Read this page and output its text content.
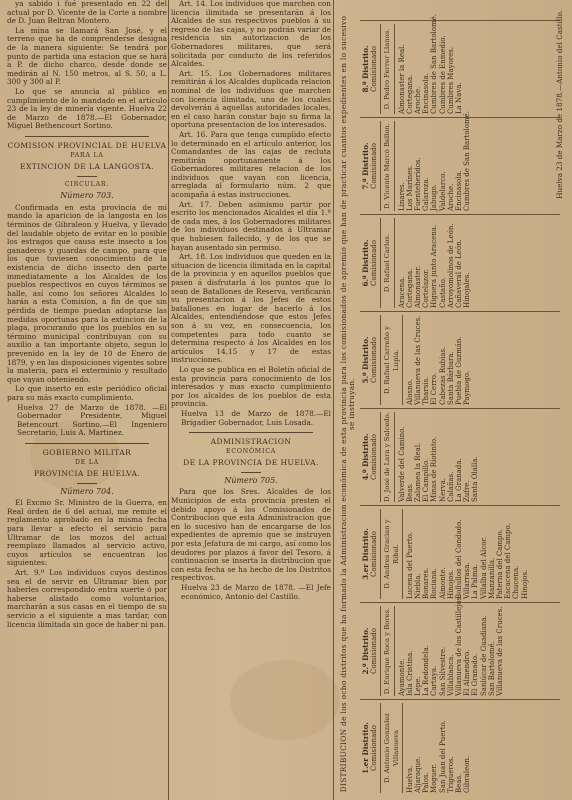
ya sabido i fué presentado en 22 del actual por D. Vicente de la Corte a nombre de D. Juan Beltran Montero.

La mina se llamará San José, y el terreno que ha de comprenderse designa de la manera siguiente: Se tendrá por punto de partida una estacion que se hará a P. de dicho charco, desde donde se medirán al N. 150 metros, al S. 50, a L. 300 y 300 al P.

Lo que se anuncia al público en cumplimiento de lo mandado en el artículo 23 de la ley de minería vigente. Huelva 22 de Marzo de 1878.—El Gobernador, Miguel Bethencourt Sortino.

COMISION PROVINCIAL DE HUELVA
PARA LA
EXTINCION DE LA LANGOSTA.
CIRCULAR.
Número 703.

Confirmada en esta provincia de mi mando la aparicion de la langosta en los términos de Gibraleon y Huelva, y llevado del laudable objeto de evitar en lo posible los estragos que causa este insecto a los ganaderos y guardas de campo, para que los que tuviesen conocimiento de la existencia de dicho insecto den parte inmediatamente a los Alcaldes de los pueblos respectivos en cuyos términos se halle, así como los señores Alcaldes lo harán a esta Comision, a fin de que sin pérdida de tiempo puedan adoptarse las medidas oportunas para la extincion de la plaga, procurando que los pueblos en su término municipal contribuyan con su auxilio a tan importante objeto, segun lo prevenido en la ley de 10 de Enero de 1879, y en las disposiciones vigentes sobre la materia, para el exterminio y resultado que vayan obteniendo.

Lo que inserto en este periódico oficial para su más exacto cumplimiento.

Huelva 27 de Marzo de 1878. —El Gobernador Presidente, Miguel Betencourt Sortino.—El Ingeniero Secretario, Luis A. Martinez.

GOBIERNO MILITAR
DE LA
PROVINCIA DE HUELVA.
Número 704.

El Excmo Sr. Ministro de la Guerra, en Real órden de 6 del actual, me remite el reglamento aprobado en la misma fecha para llevar a efecto el servicio para Ultramar de los mozos del actual reemplazo llamados al servicio activo, cuyos artículos se encuentran los siguientes:

Art. 9.º Los individuos cuyos destinos sea el de servir en Ultramar bien por haberles correspondido entra suerte ó por haberse alistado como voluntarios, marcharán a sus casas en el tiempo de su servicio a el siguiente a mas tardar, con licencia ilimitada sin goce de haber ni pan.

Art. 14. Los individuos que marchen con licencia ilimitada se presentarán á los Alcaldes de sus respectivos pueblos á su regreso de las cajas, y no podrán variar de residencia sin autorizacion de los Gobernadores militares, que será solicitada por conducto de los referidos Alcaldes.

Art. 15. Los Gobernadores militares remitirán á los Alcaldes duplicada relacion nominal de los individuos que marchen con licencia ilimitada, uno de los cuales devolverán á aquellas autoridades locales, en el caso harán constar bajo su firma la oportuna presentacion de los interesados.

Art. 16. Para que tenga cumplido efecto lo determinado en el artículo anterior, los Comandantes de las cajas de recluta remitirán oportunamente á los Gobernadores militares relacion de los individuos que vayan con licencia, arreglada al formulario núm. 2 que acompaña á estas instrucciones.

Art. 17. Deben asimismo partir por escrito los mencionados Alcaldes el día 1.º de cada mes, á los Gobernadores militares de los individuos destinados á Ultramar que hubiesen fallecido, y de los que se hayan ausentado sin permiso.

Art. 18. Los individuos que queden en la situacion de licencia ilimitada en la capital de la provincia y en aquellos pueblos que pasen á disfrutarla á los puntos que lo sean de Batallones de Reserva, verificarán su presentacion á los Jefes de estos batallones en lugar de hacerlo á los Alcaldes, entendiéndose que estos Jefes son á su vez, en consecuencia, los competentes para todo cuanto se determina respecto á los Alcaldes en los artículos 14,15 y 17 de estas instrucciones.

Lo que se publica en el Boletín oficial de esta provincia para conocimiento de los interesados y mas exacto cumplimiento por los alcaldes de los pueblos de esta provincia.

Huelva 13 de Marzo de 1878.—El Brigadier Gobernador, Luis Losada.

ADMINISTRACION
ECONÓMICA
DE LA PROVINCIA DE HUELVA.
Número 705.

Para que los Sres. Alcaldes de los Municipios de esta provincia presten el debido apoyo á los Comisionados de Contribucion que esta Administracion que en lo sucesivo han de encargarse de los expedientes de apremio que se instruyen por esta Jefatura de mi cargo, así como los deudores por plazos á favor del Tesoro, á continuacion se inserta la distribucion que con esta fecha se ha hecho de los Distritos respectivos.

Huelva 23 de Marzo de 1878. —El Jefe económico, Antonio del Castillo.	DISTRIBUCION de los ocho distritos que ha formado la Administracion económica de esta provincia para los comisionados de apremio que han de practicar cuantos expedientes en lo sucesivo se instruyan.
1.er Distrito. Comisionado D. Antonio Gonzalez Villanueva
Huelva. Aljaraque. Palos. Moguer. San Juan del Puerto. Trigueros. Beas. Gibraleon.
2.º Distrito. Comisionado D. Enrique Roca y Bores. Ayamonte. Isla Cristina. Lepe. La Redondela. Cartaya. San Silvestre. Villablanca. Villanueva de los Castillejos. El Almendro. El Granado. Sanlúcar de Guadiana. San Bartolomé. Villanueva de las Cruces.
3.er Distrito. Comisionado D. Andres Gracian y Ribal. Lucena del Puerto. Niebla. Bonares. Rociana. Almonte. Hinojos. Bollullos del Condado. Villarrasa. La Palma. Villalba del Alcor. Manzanilla. Paterna del Campo. Escacena del Campo. Chucena. Hinojos.
4.º Distrito. Comisionado D. José de Lara y Salcedo. Valverde del Camino. Beas. Zalamea la Real. El Campillo. Minas de Ríotinto. Nerva. Calañas. La Granada. Zufre. Santa Olalla.
5.º Distrito. Comisionado D. Rafael Carreño y Lupia.
Alosno. Villanueva de las Cruces. Tharsis. El Cerro. Cabezas Rubias. Santa Bárbara. Puebla de Guzmán. Paymogo.
6.º Distrito. Comisionado D. Rafael Carlos.
Aracena. Cortegana. Almonaster. Cortelazor. Higuera junto Aracena. Castaño. Arroyomolinos de León. Cañaveral de León. Hinojales.
7.º Distrito. Comisionado D. Vicente Marcó Bellon. Linares. Los Marines. Fuenteheridos. Galaroza. Jabugo. Valdelarco. Aroche. Encinasola. Cumbres de San Bartolomé.
8.º Distrito. Comisionado D. Pedro Ferrer Llanos. Almonaster la Real. Cortegana. Aroche. Encinasola. Cumbres de San Bartolomé. Cumbres de Enmedio. Cumbres Mayores. La Nava.	Huelva 23 de Marzo de 1878.—Antonio del Castillo.
